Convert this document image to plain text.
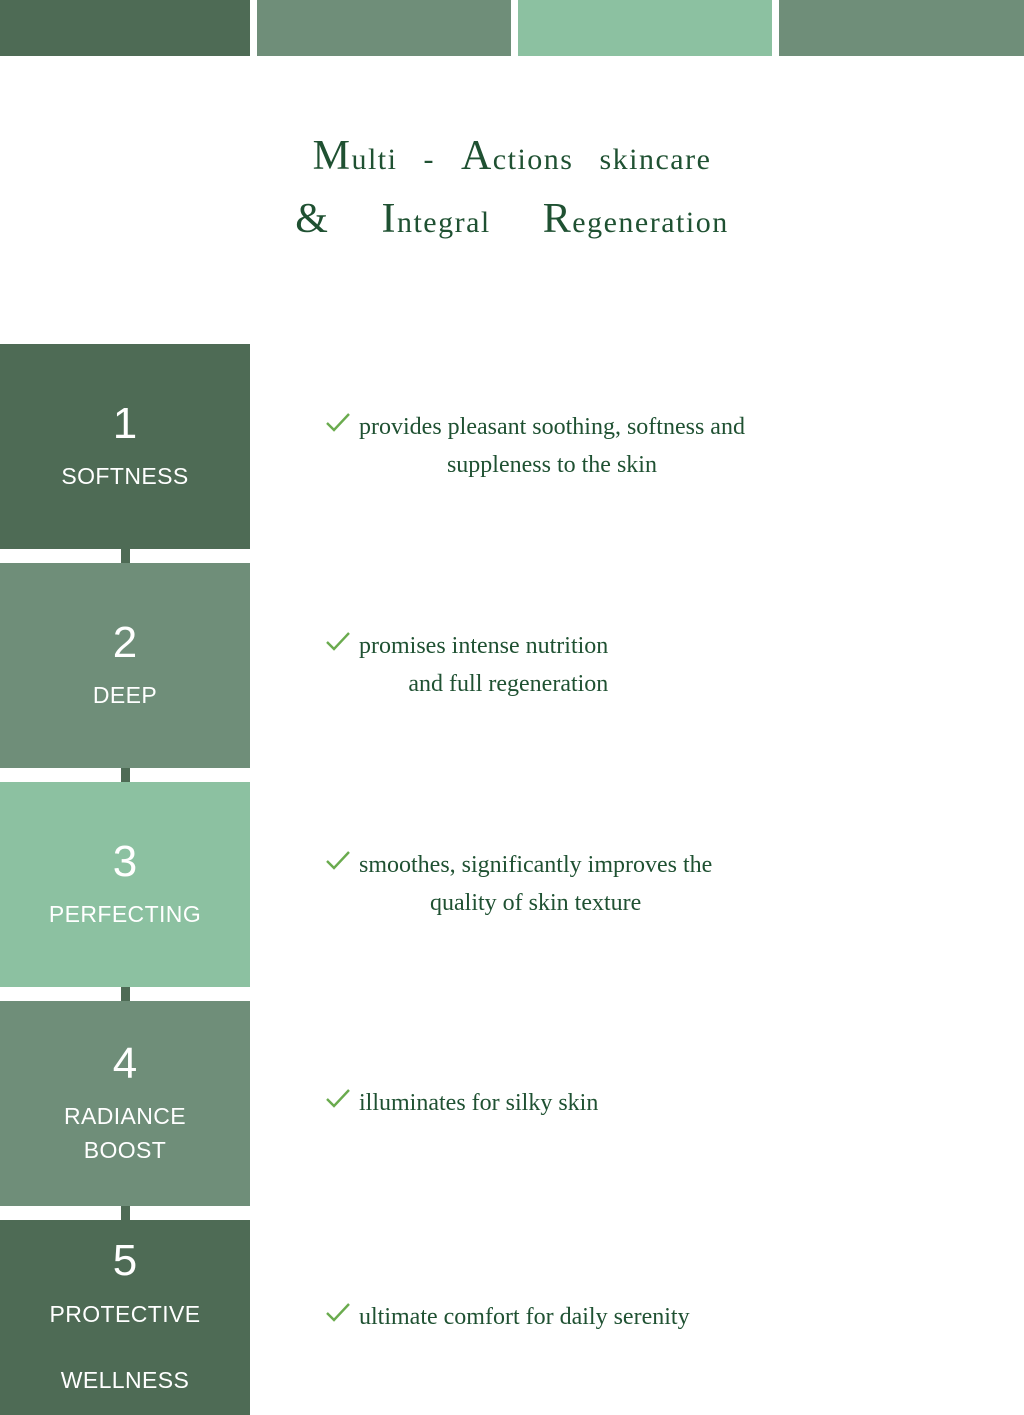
Multi - Actions skincare
& Integral Regeneration
1
SOFTNESS
provides pleasant soothing, softness and
suppleness to the skin
2
DEEP
promises intense nutrition
and full regeneration
3
PERFECTING
smoothes, significantly improves the
quality of skin texture
4
RADIANCE
BOOST
illuminates for silky skin
5
PROTECTIVE

WELLNESS
ultimate comfort for daily serenity
